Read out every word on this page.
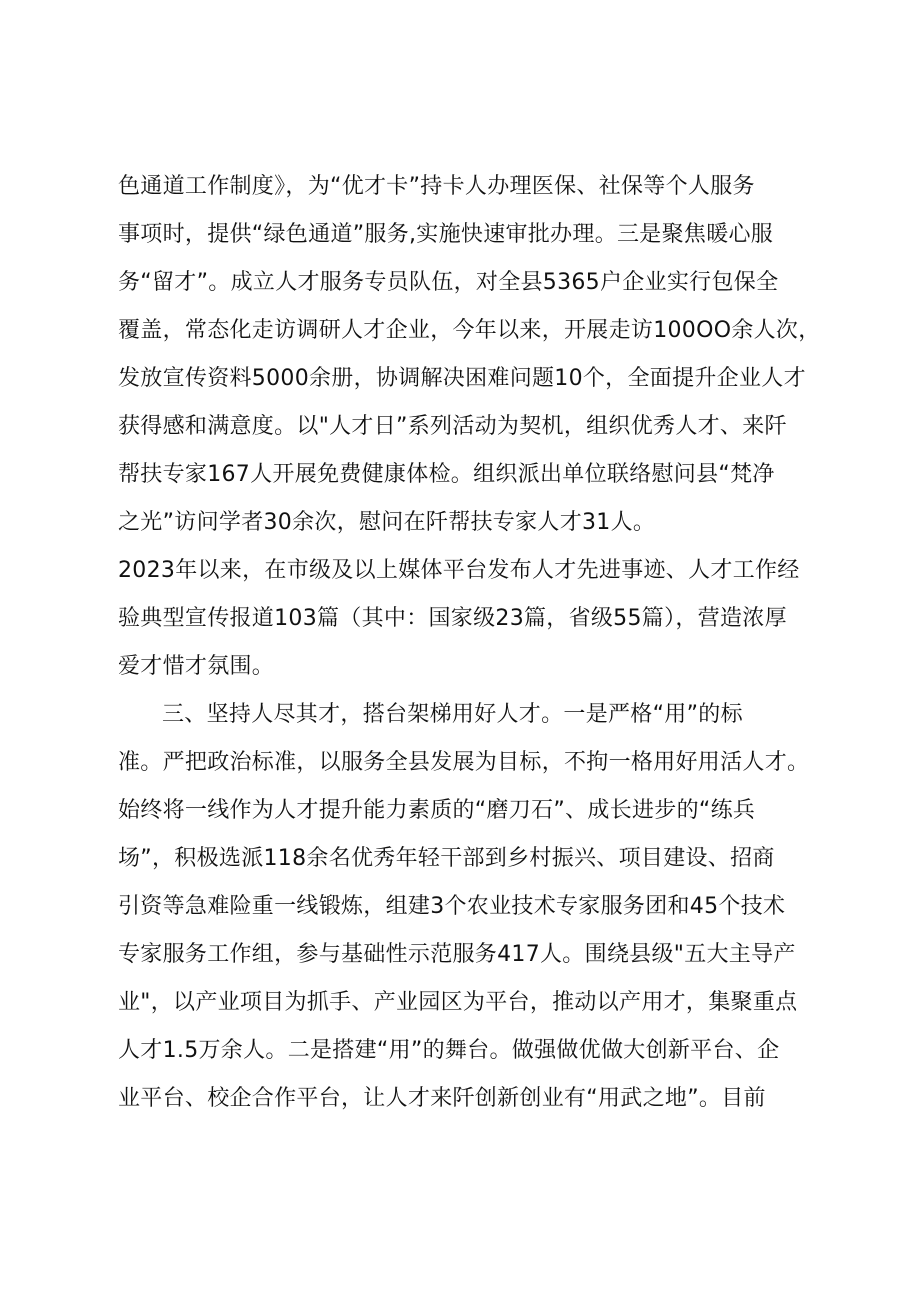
色通道工作制度》，为“优才卡”持卡人办理医保、社保等个人服务
事项时，提供“绿色通道”服务,实施快速审批办理。三是聚焦暖心服
务“留才”。成立人才服务专员队伍，对全县5365户企业实行包保全
覆盖，常态化走访调研人才企业，今年以来，开展走访100OO余人次，
发放宣传资料5000余册，协调解决困难问题10个，全面提升企业人才
获得感和满意度。以"人才日”系列活动为契机，组织优秀人才、来阡
帮扶专家167人开展免费健康体检。组织派出单位联络慰问县“梵净
之光”访问学者30余次，慰问在阡帮扶专家人才31人。
2023年以来，在市级及以上媒体平台发布人才先进事迹、人才工作经
验典型宣传报道103篇（其中：国家级23篇，省级55篇），营造浓厚
爱才惜才氛围。
三、坚持人尽其才，搭台架梯用好人才。一是严格“用”的标
准。严把政治标准，以服务全县发展为目标，不拘一格用好用活人才。
始终将一线作为人才提升能力素质的“磨刀石”、成长进步的“练兵
场”，积极选派118余名优秀年轻干部到乡村振兴、项目建设、招商
引资等急难险重一线锻炼，组建3个农业技术专家服务团和45个技术
专家服务工作组，参与基础性示范服务417人。围绕县级"五大主导产
业"，以产业项目为抓手、产业园区为平台，推动以产用才，集聚重点
人才1.5万余人。二是搭建“用”的舞台。做强做优做大创新平台、企
业平台、校企合作平台，让人才来阡创新创业有“用武之地”。目前
